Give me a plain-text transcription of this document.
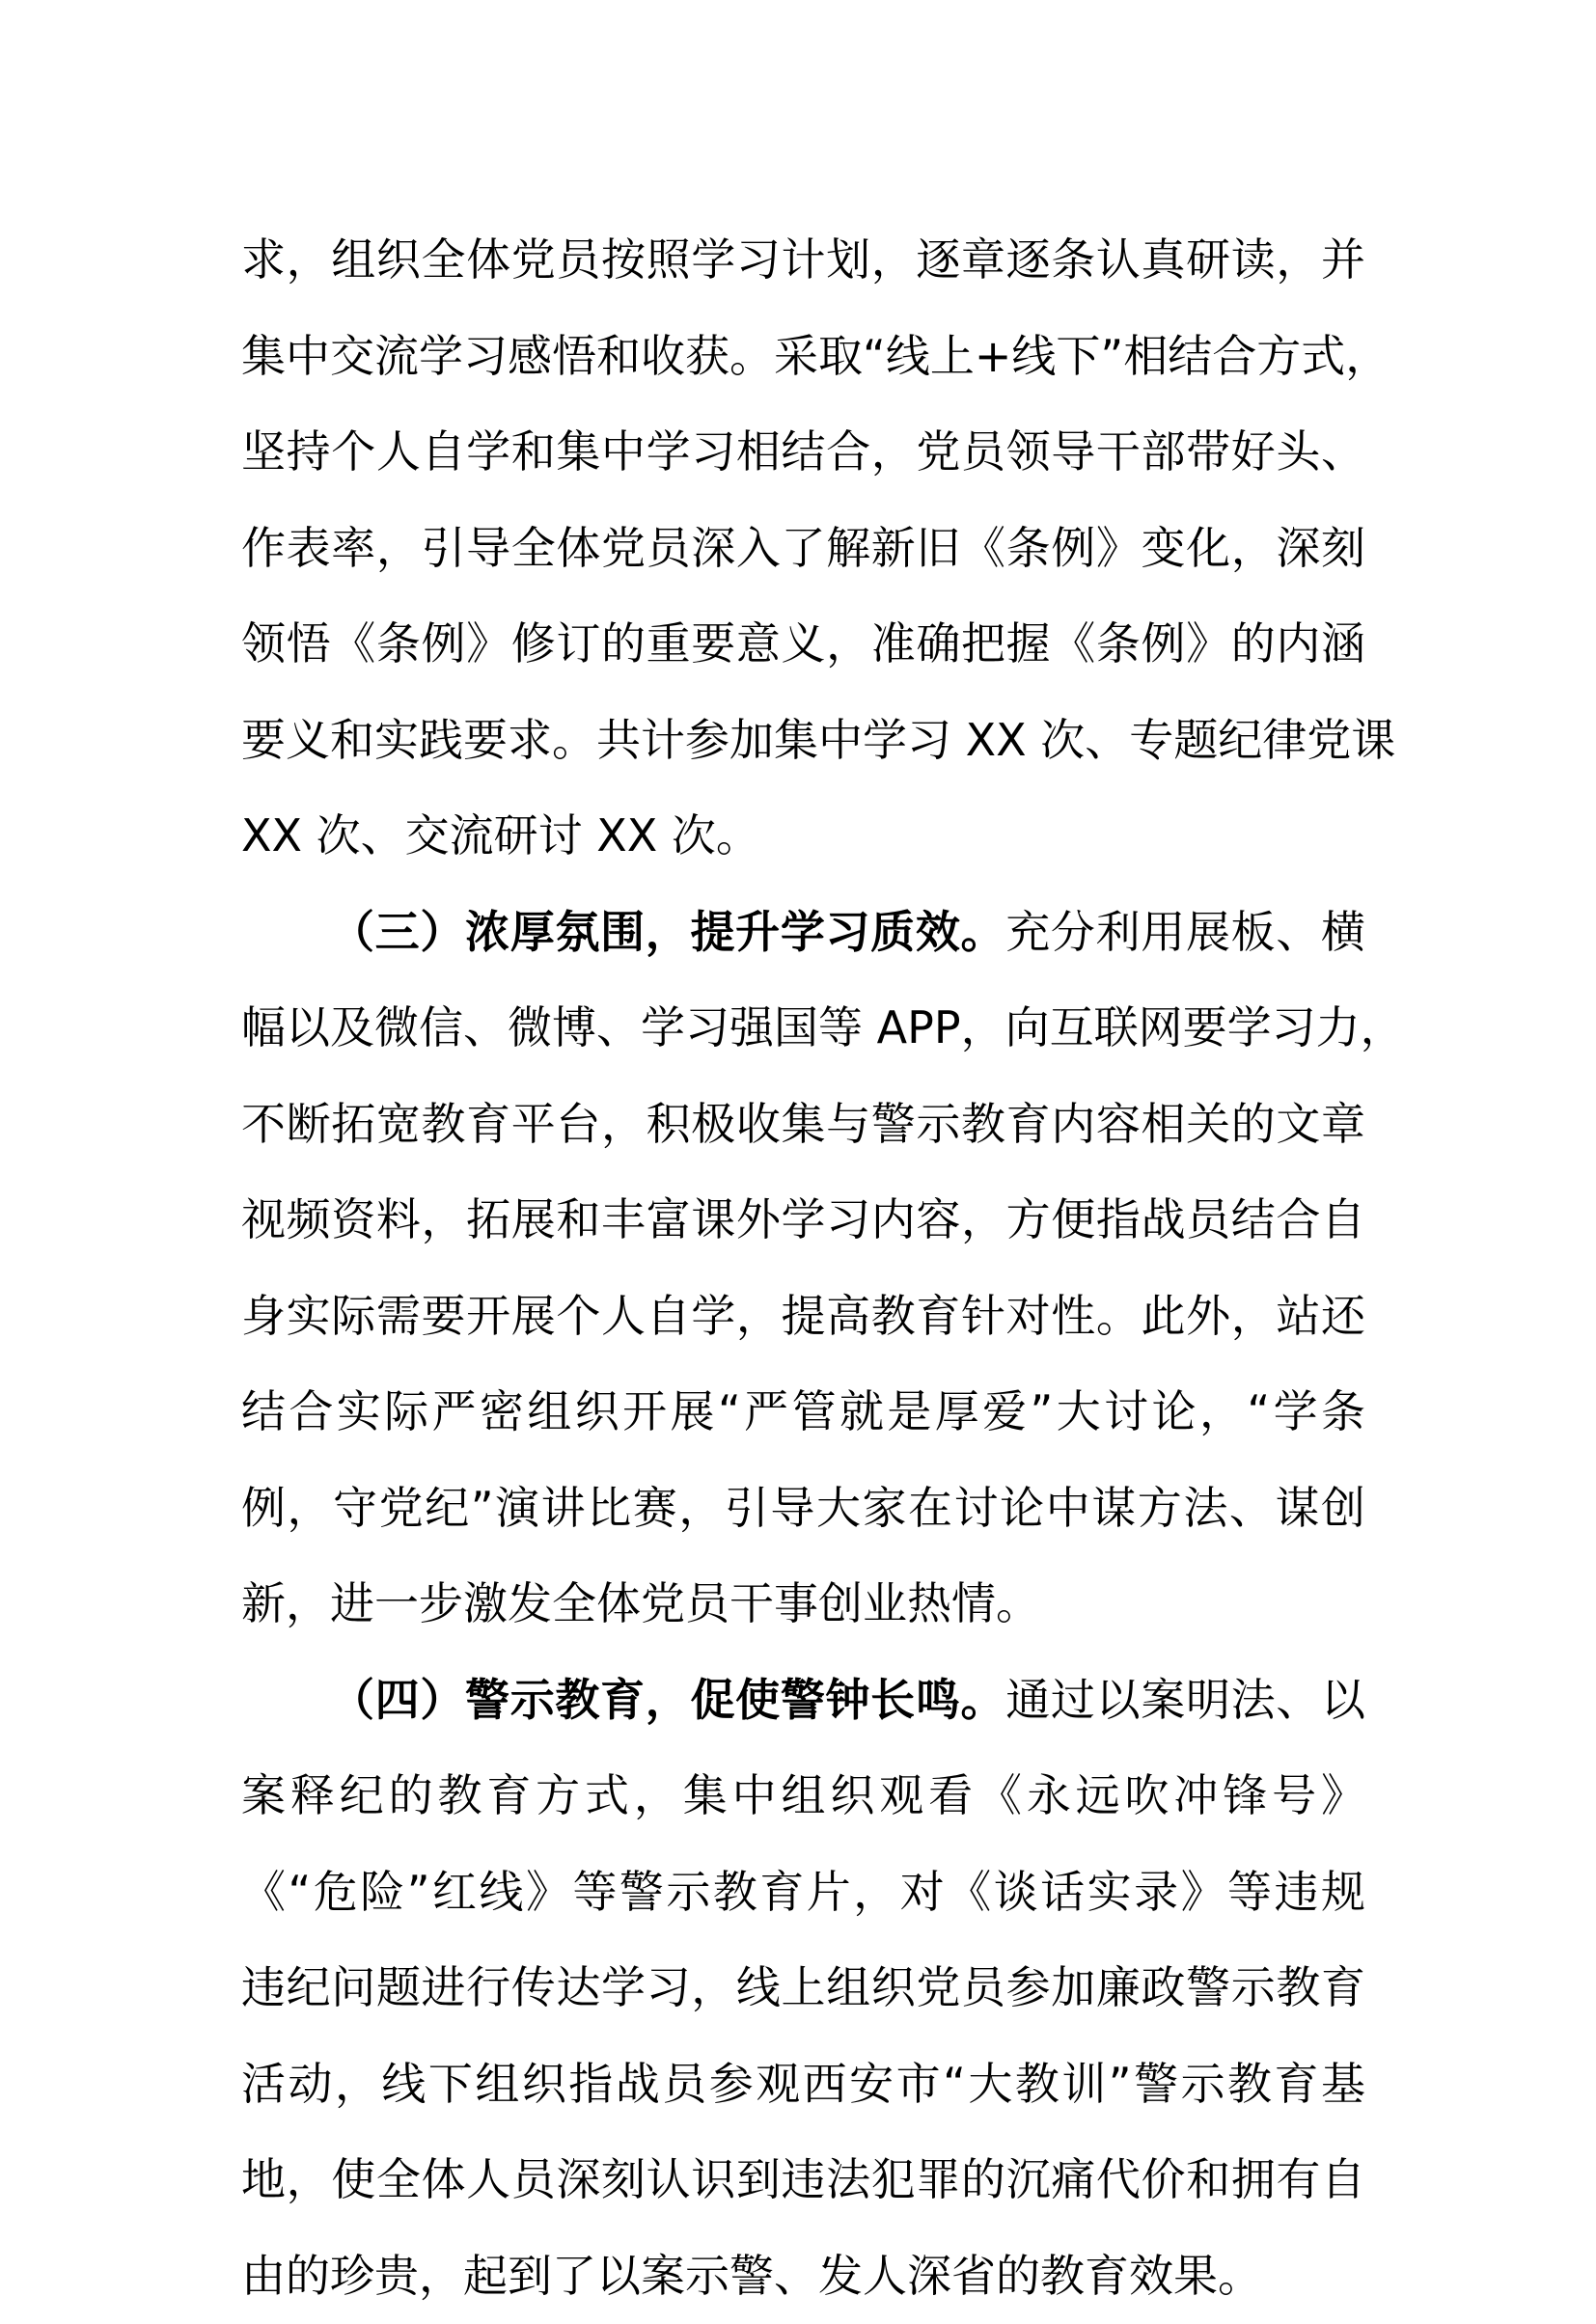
求，组织全体党员按照学习计划，逐章逐条认真研读，并
集中交流学习感悟和收获。采取“线上+线下”相结合方式，
坚持个人自学和集中学习相结合，党员领导干部带好头、
作表率，引导全体党员深入了解新旧《条例》变化，深刻
领悟《条例》修订的重要意义，准确把握《条例》的内涵
要义和实践要求。共计参加集中学习 XX 次、专题纪律党课
XX 次、交流研讨 XX 次。
（三）浓厚氛围，提升学习质效。充分利用展板、横
幅以及微信、微博、学习强国等 APP，向互联网要学习力，
不断拓宽教育平台，积极收集与警示教育内容相关的文章
视频资料，拓展和丰富课外学习内容，方便指战员结合自
身实际需要开展个人自学，提高教育针对性。此外，站还
结合实际严密组织开展“严管就是厚爱”大讨论，“学条
例，守党纪”演讲比赛，引导大家在讨论中谋方法、谋创
新，进一步激发全体党员干事创业热情。
（四）警示教育，促使警钟长鸣。通过以案明法、以
案释纪的教育方式，集中组织观看《永远吹冲锋号》
《“危险”红线》等警示教育片，对《谈话实录》等违规
违纪问题进行传达学习，线上组织党员参加廉政警示教育
活动，线下组织指战员参观西安市“大教训”警示教育基
地，使全体人员深刻认识到违法犯罪的沉痛代价和拥有自
由的珍贵，起到了以案示警、发人深省的教育效果。
